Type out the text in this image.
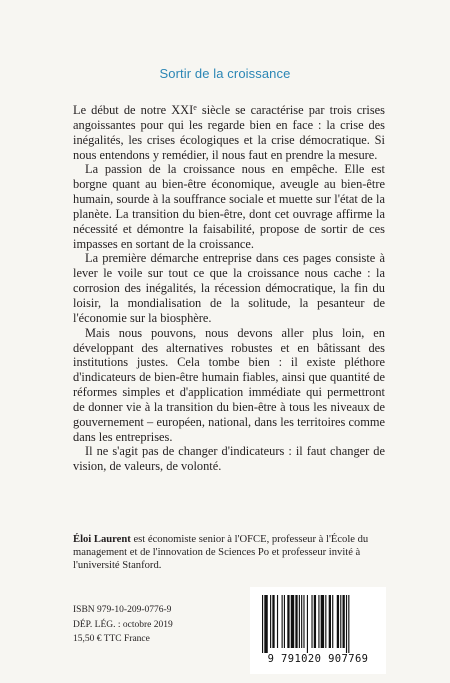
Sortir de la croissance

Le début de notre XXIe siècle se caractérise par trois crises angoissantes pour qui les regarde bien en face : la crise des inégalités, les crises écologiques et la crise démocratique. Si nous entendons y remédier, il nous faut en prendre la mesure.

La passion de la croissance nous en empêche. Elle est borgne quant au bien-être économique, aveugle au bien-être humain, sourde à la souffrance sociale et muette sur l'état de la planète. La transition du bien-être, dont cet ouvrage affirme la nécessité et démontre la faisabilité, propose de sortir de ces impasses en sortant de la croissance.

La première démarche entreprise dans ces pages consiste à lever le voile sur tout ce que la croissance nous cache : la corrosion des inégalités, la récession démocratique, la fin du loisir, la mondialisation de la solitude, la pesanteur de l'économie sur la biosphère.

Mais nous pouvons, nous devons aller plus loin, en développant des alternatives robustes et en bâtissant des institutions justes. Cela tombe bien : il existe pléthore d'indicateurs de bien-être humain fiables, ainsi que quantité de réformes simples et d'application immédiate qui permettront de donner vie à la transition du bien-être à tous les niveaux de gouvernement – européen, national, dans les territoires comme dans les entreprises.

Il ne s'agit pas de changer d'indicateurs : il faut changer de vision, de valeurs, de volonté.

Éloi Laurent est économiste senior à l'OFCE, professeur à l'École du management et de l'innovation de Sciences Po et professeur invité à l'université Stanford.
ISBN 979-10-209-0776-9
DÉP. LÉG. : octobre 2019
15,50 € TTC France
9 791020 907769
